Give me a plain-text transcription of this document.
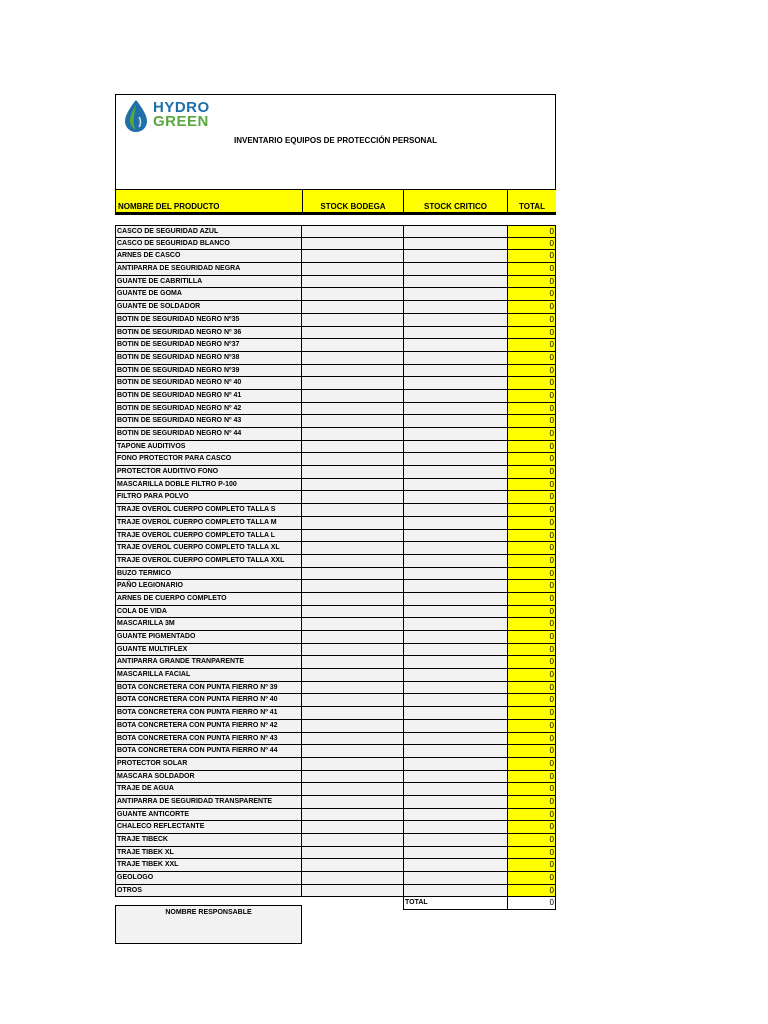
HYDRO
GREEN
INVENTARIO EQUIPOS DE PROTECCIÓN PERSONAL
NOMBRE DEL PRODUCTO	STOCK BODEGA	STOCK CRITICO	TOTAL
CASCO DE SEGURIDAD AZUL	0
CASCO DE SEGURIDAD BLANCO	0
ARNES DE CASCO	0
ANTIPARRA DE SEGURIDAD NEGRA	0
GUANTE DE CABRITILLA	0
GUANTE DE GOMA	0
GUANTE DE SOLDADOR	0
BOTIN DE SEGURIDAD NEGRO Nº35	0
BOTIN DE SEGURIDAD NEGRO Nº 36	0
BOTIN DE SEGURIDAD NEGRO Nº37	0
BOTIN DE SEGURIDAD NEGRO Nº38	0
BOTIN DE SEGURIDAD NEGRO Nº39	0
BOTIN DE SEGURIDAD NEGRO Nº 40	0
BOTIN DE SEGURIDAD NEGRO Nº 41	0
BOTIN DE SEGURIDAD NEGRO Nº 42	0
BOTIN DE SEGURIDAD NEGRO Nº 43	0
BOTIN DE SEGURIDAD NEGRO Nº 44	0
TAPONE AUDITIVOS	0
FONO PROTECTOR PARA CASCO	0
PROTECTOR AUDITIVO FONO	0
MASCARILLA DOBLE FILTRO P-100	0
FILTRO PARA POLVO	0
TRAJE OVEROL CUERPO COMPLETO TALLA S	0
TRAJE OVEROL CUERPO COMPLETO TALLA M	0
TRAJE OVEROL CUERPO COMPLETO TALLA L	0
TRAJE OVEROL CUERPO COMPLETO TALLA XL	0
TRAJE OVEROL CUERPO COMPLETO TALLA XXL	0
BUZO TERMICO	0
PAÑO LEGIONARIO	0
ARNES DE CUERPO COMPLETO	0
COLA DE VIDA	0
MASCARILLA 3M	0
GUANTE PIGMENTADO	0
GUANTE MULTIFLEX	0
ANTIPARRA GRANDE TRANPARENTE	0
MASCARILLA FACIAL	0
BOTA CONCRETERA CON PUNTA FIERRO Nº 39	0
BOTA CONCRETERA CON PUNTA FIERRO Nº 40	0
BOTA CONCRETERA CON PUNTA FIERRO Nº 41	0
BOTA CONCRETERA CON PUNTA FIERRO Nº 42	0
BOTA CONCRETERA CON PUNTA FIERRO Nº 43	0
BOTA CONCRETERA CON PUNTA FIERRO Nº 44	0
PROTECTOR SOLAR	0
MASCARA SOLDADOR	0
TRAJE DE AGUA	0
ANTIPARRA DE SEGURIDAD TRANSPARENTE	0
GUANTE ANTICORTE	0
CHALECO REFLECTANTE	0
TRAJE TIBECK	0
TRAJE TIBEK XL	0
TRAJE TIBEK XXL	0
GEOLOGO	0
OTROS	0
TOTAL	0
NOMBRE RESPONSABLE
